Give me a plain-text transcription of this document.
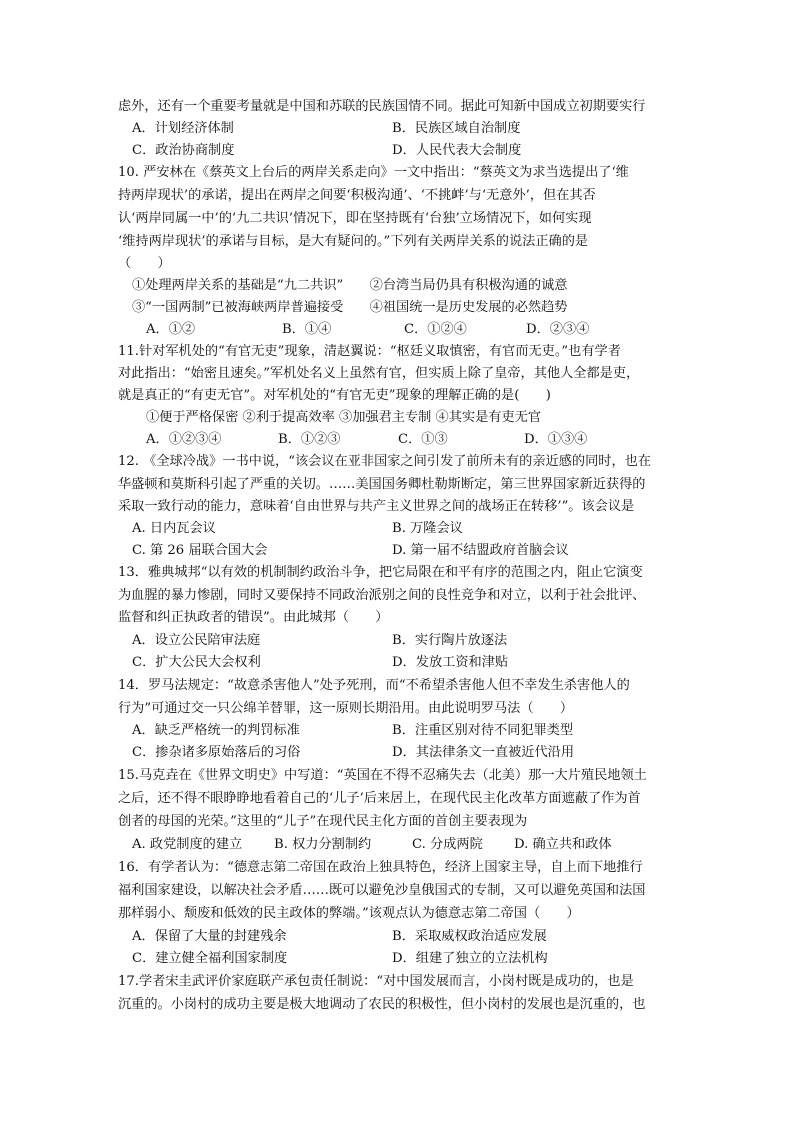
虑外，还有一个重要考量就是中国和苏联的民族国情不同。据此可知新中国成立初期要实行
A．计划经济体制	B．民族区域自治制度
C．政治协商制度	D．人民代表大会制度
10. 严安林在《蔡英文上台后的两岸关系走向》一文中指出：“蔡英文为求当选提出了‘维
持两岸现状’的承诺，提出在两岸之间要‘积极沟通’、‘不挑衅’与‘无意外’，但在其否
认‘两岸同属一中’的‘九二共识’情况下，即在坚持既有‘台独’立场情况下，如何实现
‘维持两岸现状’的承诺与目标，是大有疑问的。”下列有关两岸关系的说法正确的是
（　　）
①处理两岸关系的基础是“九二共识”　　②台湾当局仍具有积极沟通的诚意
③“一国两制”已被海峡两岸普遍接受　　④祖国统一是历史发展的必然趋势
A．①②	B．①④	C．①②④	D．②③④
11.针对军机处的“有官无吏”现象，清赵翼说：“枢廷义取慎密，有官而无吏。”也有学者
对此指出：“始密且速矣。”军机处名义上虽然有官，但实质上除了皇帝，其他人全都是吏，
就是真正的“有吏无官”。对军机处的“有官无吏”现象的理解正确的是(　　)
①便于严格保密 ②利于提高效率 ③加强君主专制 ④其实是有吏无官
A．①②③④	B．①②③	C．①③	D．①③④
12. 《全球冷战》一书中说，“该会议在亚非国家之间引发了前所未有的亲近感的同时，也在
华盛顿和莫斯科引起了严重的关切。……美国国务卿杜勒斯断定，第三世界国家新近获得的
采取一致行动的能力，意味着‘自由世界与共产主义世界之间的战场正在转移’”。该会议是
A. 日内瓦会议	B. 万隆会议
C. 第 26 届联合国大会	D. 第一届不结盟政府首脑会议
13．雅典城邦“以有效的机制制约政治斗争，把它局限在和平有序的范围之内，阻止它演变
为血腥的暴力惨剧，同时又要保持不同政治派别之间的良性竞争和对立，以利于社会批评、
监督和纠正执政者的错误”。由此城邦（　　）
A．设立公民陪审法庭	B．实行陶片放逐法
C．扩大公民大会权利	D．发放工资和津贴
14．罗马法规定：“故意杀害他人”处予死刑，而“不希望杀害他人但不幸发生杀害他人的
行为”可通过交一只公绵羊替罪，这一原则长期沿用。由此说明罗马法（　　）
A．缺乏严格统一的判罚标准	B．注重区别对待不同犯罪类型
C．掺杂诸多原始落后的习俗	D．其法律条文一直被近代沿用
15.马克垚在《世界文明史》中写道：“英国在不得不忍痛失去（北美）那一大片殖民地领土
之后，还不得不眼睁睁地看着自己的‘儿子’后来居上，在现代民主化改革方面遮蔽了作为首
创者的母国的光荣。”这里的“儿子”在现代民主化方面的首创主要表现为
A. 政党制度的建立 B. 权力分割制约	C. 分成两院 D. 确立共和政体
16．有学者认为：“德意志第二帝国在政治上独具特色，经济上国家主导，自上而下地推行
福利国家建设，以解决社会矛盾……既可以避免沙皇俄国式的专制，又可以避免英国和法国
那样弱小、颓废和低效的民主政体的弊端。”该观点认为德意志第二帝国（　　）
A．保留了大量的封建残余	B．采取威权政治适应发展
C．建立健全福利国家制度	D．组建了独立的立法机构
17.学者宋圭武评价家庭联产承包责任制说：“对中国发展而言，小岗村既是成功的，也是
沉重的。小岗村的成功主要是极大地调动了农民的积极性，但小岗村的发展也是沉重的，也
